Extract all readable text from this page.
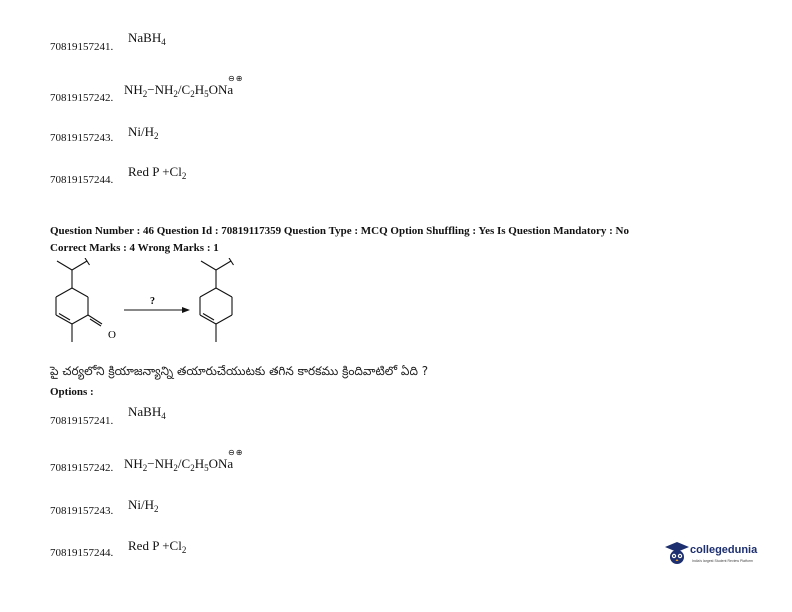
NaBH$_4$
70819157241.
⊖⊕
$NH_2-NH_2/C_2H_5ONa$
70819157242.
$Ni/H_2$
70819157243.
Red $P +Cl_2$
70819157244.
Question Number : 46 Question Id : 70819117359 Question Type : MCQ Option Shuffling : Yes Is Question Mandatory : No
Correct Marks : 4 Wrong Marks : 1
O
?
పై చర్యలోని క్రియాజన్యాన్ని తయారుచేయుటకు తగిన కారకము క్రిందివాటిలో ఏది ?
Options :
NaBH$_4$
70819157241.
⊖⊕
$NH_2-NH_2/C_2H_5ONa$
70819157242.
$Ni/H_2$
70819157243.
Red $P +Cl_2$
70819157244.	collegedunia
India's largest Student Review Platform
